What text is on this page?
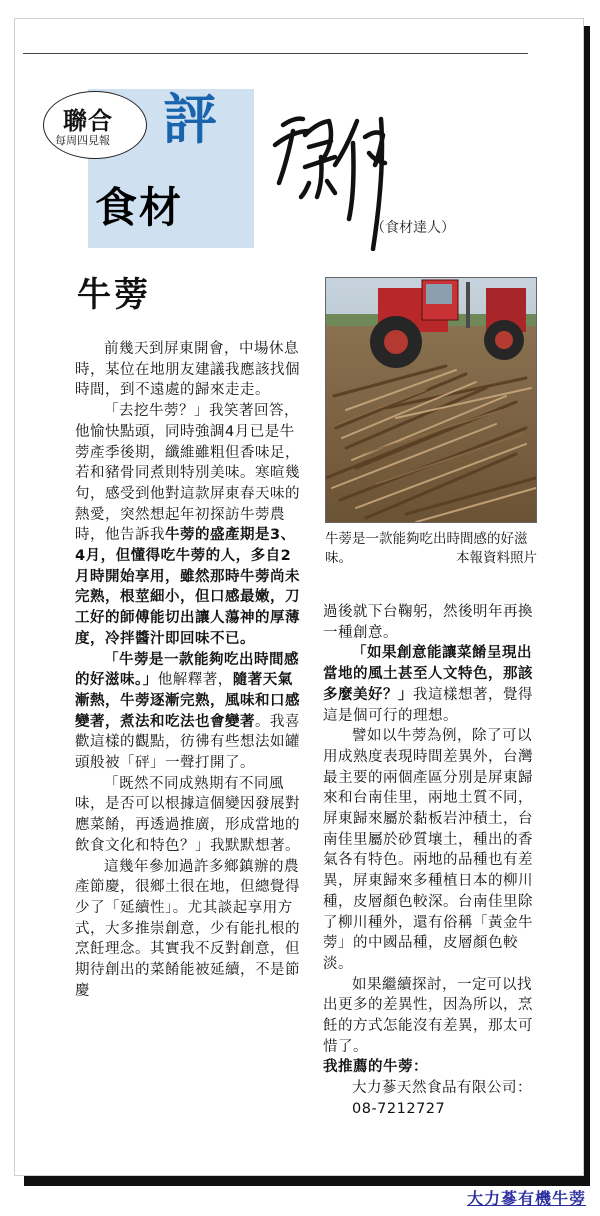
聯合
每周四見報 評
食材	（食材達人）
牛蒡

前幾天到屏東開會，中場休息時，某位在地朋友建議我應該找個時間，到不遠處的歸來走走。

「去挖牛蒡？」我笑著回答，他愉快點頭，同時強調4月已是牛蒡產季後期，纖維雖粗但香味足，若和豬骨同煮則特別美味。寒暄幾句，感受到他對這款屏東春天味的熱愛，突然想起年初探訪牛蒡農時，他告訴我牛蒡的盛產期是3、4月，但懂得吃牛蒡的人，多自2月時開始享用，雖然那時牛蒡尚未完熟，根莖細小，但口感最嫩，刀工好的師傅能切出讓人蕩神的厚薄度，冷拌醬汁即回味不已。

「牛蒡是一款能夠吃出時間感的好滋味。」他解釋著，隨著天氣漸熱，牛蒡逐漸完熟，風味和口感變著，煮法和吃法也會變著。我喜歡這樣的觀點，彷彿有些想法如罐頭般被「砰」一聲打開了。

「既然不同成熟期有不同風味，是否可以根據這個變因發展對應菜餚，再透過推廣，形成當地的飲食文化和特色？」我默默想著。

這幾年參加過許多鄉鎮辦的農產節慶，很鄉土很在地，但總覺得少了「延續性」。尤其談起享用方式，大多推崇創意，少有能扎根的烹飪理念。其實我不反對創意，但期待創出的菜餚能被延續，不是節慶

牛蒡是一款能夠吃出時間感的好滋味。	本報資料照片

過後就下台鞠躬，然後明年再換一種創意。

「如果創意能讓菜餚呈現出當地的風土甚至人文特色，那該多麼美好？」我這樣想著，覺得這是個可行的理想。

譬如以牛蒡為例，除了可以用成熟度表現時間差異外，台灣最主要的兩個產區分別是屏東歸來和台南佳里，兩地土質不同，屏東歸來屬於黏板岩沖積土，台南佳里屬於砂質壤土，種出的香氣各有特色。兩地的品種也有差異，屏東歸來多種植日本的柳川種，皮層顏色較深。台南佳里除了柳川種外，還有俗稱「黃金牛蒡」的中國品種，皮層顏色較淡。

如果繼續探討，一定可以找出更多的差異性，因為所以，烹飪的方式怎能沒有差異，那太可惜了。

我推薦的牛蒡：

大力蔘天然食品有限公司：

08-7212727

大力蔘有機牛蒡
